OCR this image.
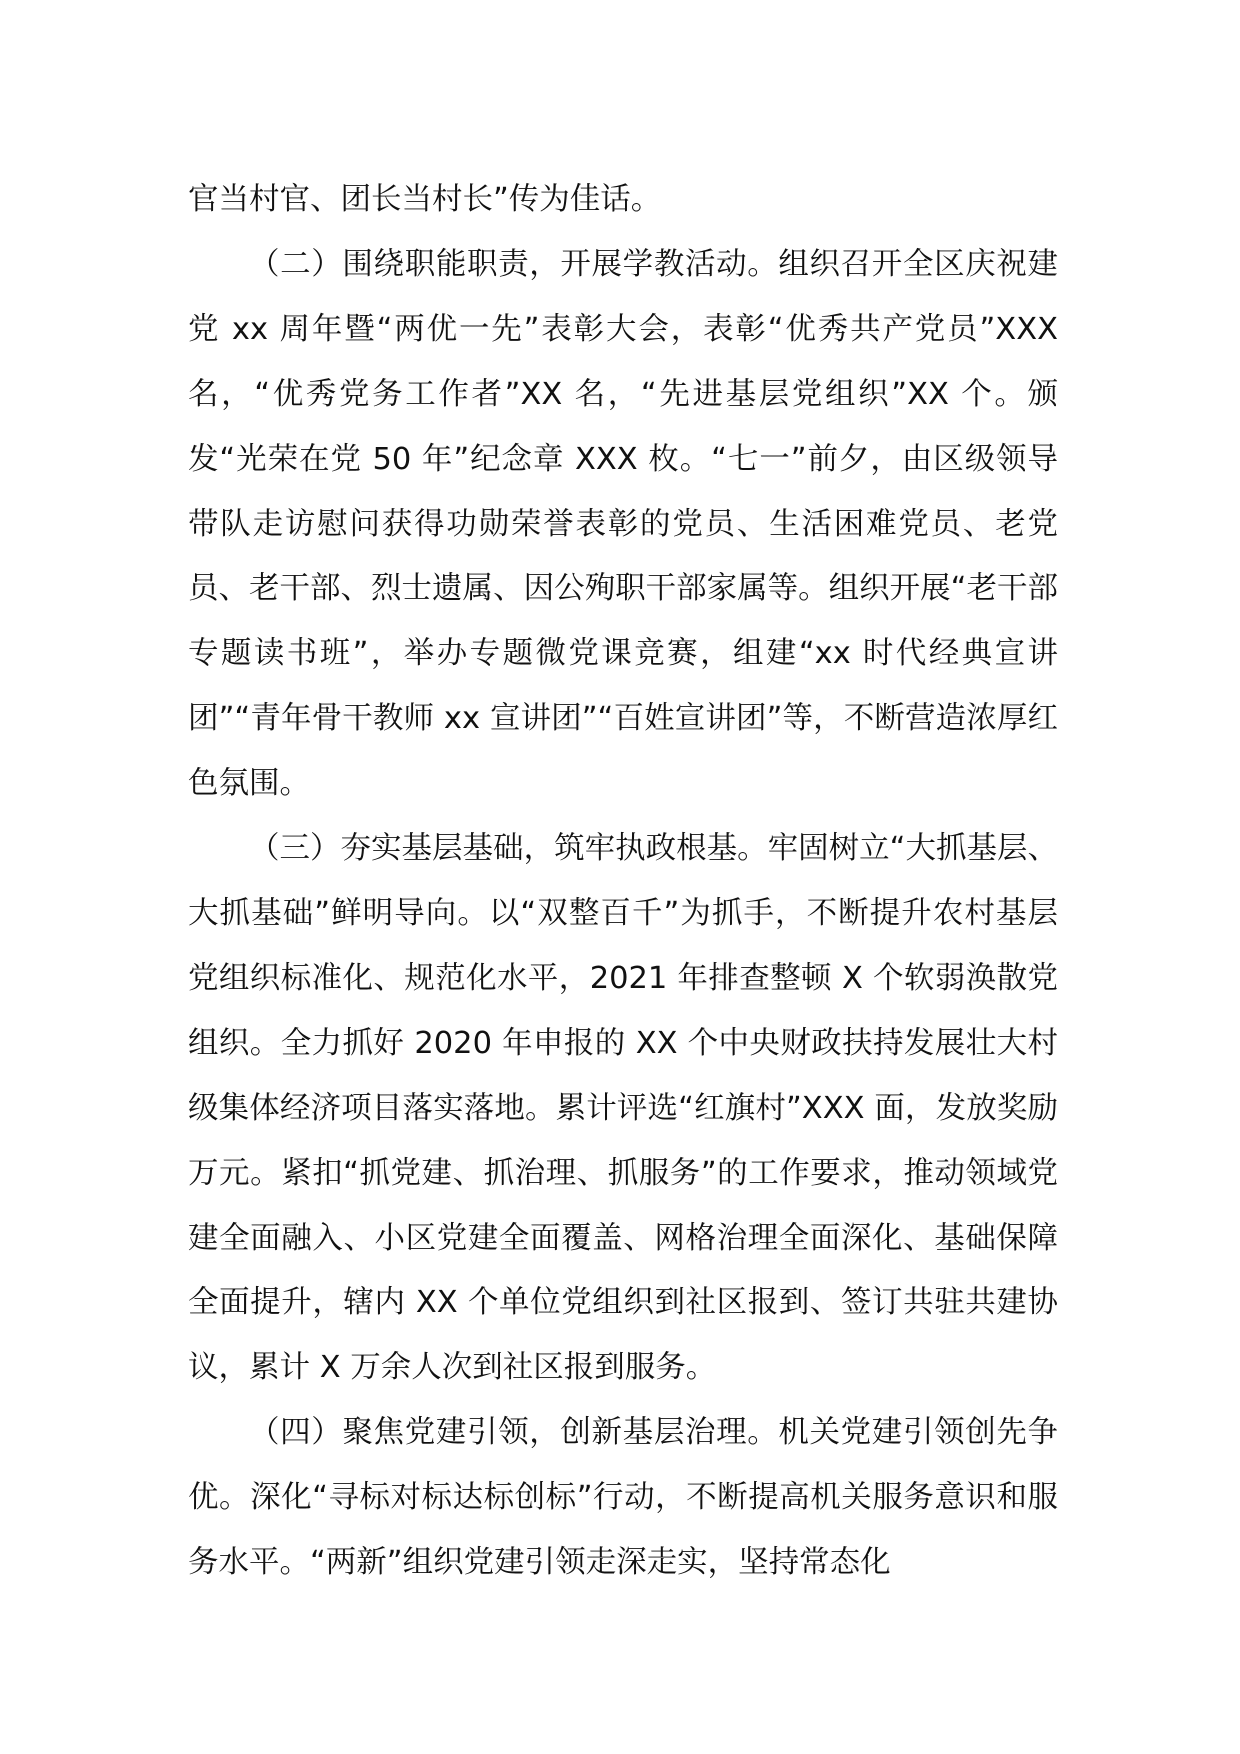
官当村官、团长当村长”传为佳话。

（二）围绕职能职责，开展学教活动。组织召开全区庆祝建党 xx 周年暨“两优一先”表彰大会，表彰“优秀共产党员”XXX 名，“优秀党务工作者”XX 名，“先进基层党组织”XX 个。颁发“光荣在党 50 年”纪念章 XXX 枚。“七一”前夕，由区级领导带队走访慰问获得功勋荣誉表彰的党员、生活困难党员、老党员、老干部、烈士遗属、因公殉职干部家属等。组织开展“老干部专题读书班”，举办专题微党课竞赛，组建“xx 时代经典宣讲团”“青年骨干教师 xx 宣讲团”“百姓宣讲团”等，不断营造浓厚红色氛围。

（三）夯实基层基础，筑牢执政根基。牢固树立“大抓基层、大抓基础”鲜明导向。以“双整百千”为抓手，不断提升农村基层党组织标准化、规范化水平，2021 年排查整顿 X 个软弱涣散党组织。全力抓好 2020 年申报的 XX 个中央财政扶持发展壮大村级集体经济项目落实落地。累计评选“红旗村”XXX 面，发放奖励万元。紧扣“抓党建、抓治理、抓服务”的工作要求，推动领域党建全面融入、小区党建全面覆盖、网格治理全面深化、基础保障全面提升，辖内 XX 个单位党组织到社区报到、签订共驻共建协议，累计 X 万余人次到社区报到服务。

（四）聚焦党建引领，创新基层治理。机关党建引领创先争优。深化“寻标对标达标创标”行动，不断提高机关服务意识和服务水平。“两新”组织党建引领走深走实，坚持常态化
